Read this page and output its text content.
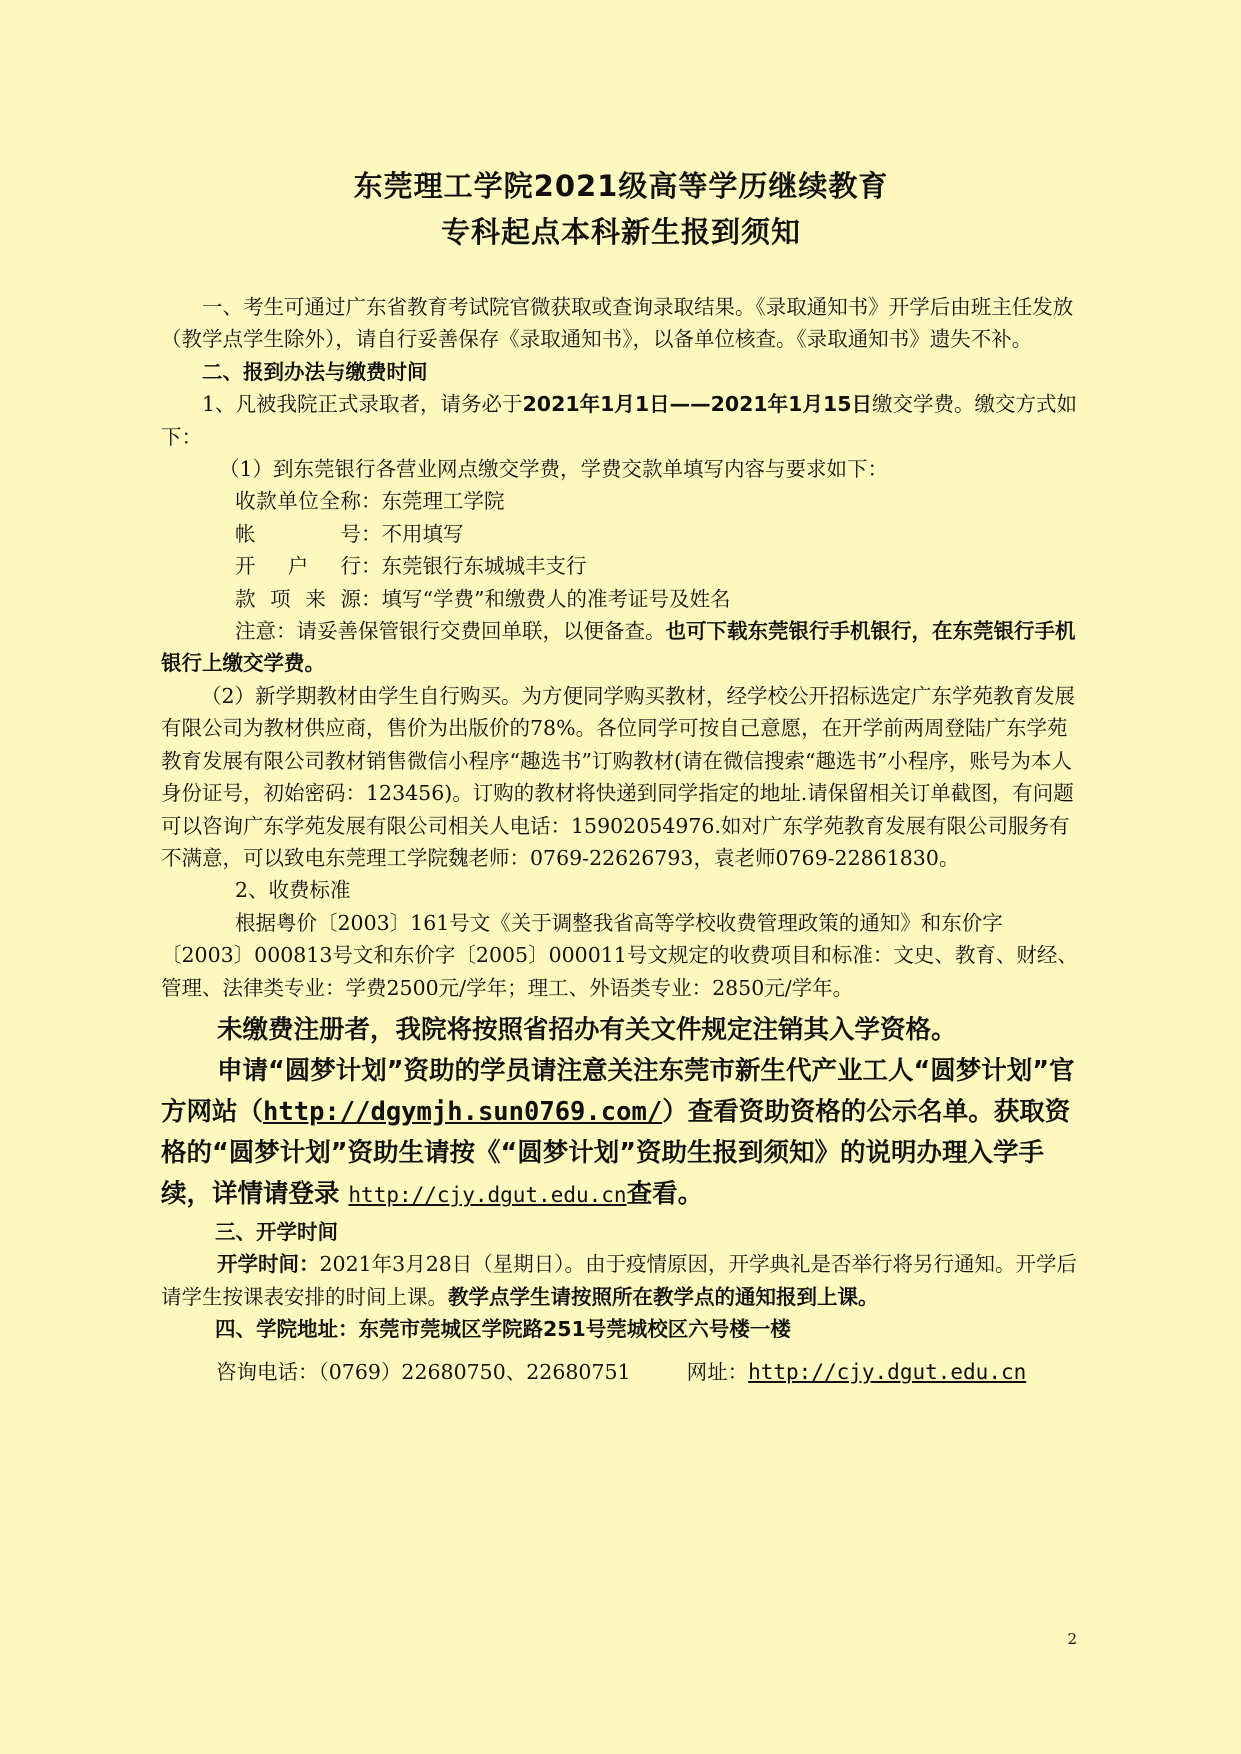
东莞理工学院2021级高等学历继续教育
专科起点本科新生报到须知

一、考生可通过广东省教育考试院官微获取或查询录取结果。《录取通知书》开学后由班主任发放（教学点学生除外），请自行妥善保存《录取通知书》，以备单位核查。《录取通知书》遗失不补。

二、报到办法与缴费时间

1、凡被我院正式录取者，请务必于2021年1月1日——2021年1月15日缴交学费。缴交方式如下：

（1）到东莞银行各营业网点缴交学费，学费交款单填写内容与要求如下：

收 款 单 位 全 称 ： 东莞理工学院
帐	号 ： 不用填写
开 户 行 ： 东莞银行东城城丰支行
款 项 来 源 ： 填写“学费”和缴费人的准考证号及姓名

注意：请妥善保管银行交费回单联，以便备查。也可下载东莞银行手机银行，在东莞银行手机银行上缴交学费。

（2）新学期教材由学生自行购买。为方便同学购买教材，经学校公开招标选定广东学苑教育发展有限公司为教材供应商，售价为出版价的78%。各位同学可按自己意愿，在开学前两周登陆广东学苑教育发展有限公司教材销售微信小程序“趣选书”订购教材(请在微信搜索“趣选书”小程序，账号为本人身份证号，初始密码：123456)。订购的教材将快递到同学指定的地址.请保留相关订单截图，有问题可以咨询广东学苑发展有限公司相关人电话：15902054976.如对广东学苑教育发展有限公司服务有不满意，可以致电东莞理工学院魏老师：0769-22626793，袁老师0769-22861830。

2、收费标准

根据粤价〔2003〕161号文《关于调整我省高等学校收费管理政策的通知》和东价字〔2003〕000813号文和东价字〔2005〕000011号文规定的收费项目和标准：文史、教育、财经、管理、法律类专业：学费2500元/学年；理工、外语类专业：2850元/学年。

未缴费注册者，我院将按照省招办有关文件规定注销其入学资格。

申请“圆梦计划”资助的学员请注意关注东莞市新生代产业工人“圆梦计划”官方网站（http://dgymjh.sun0769.com/）查看资助资格的公示名单。获取资格的“圆梦计划”资助生请按《“圆梦计划”资助生报到须知》的说明办理入学手续，详情请登录 http://cjy.dgut.edu.cn查看。

三、开学时间

开学时间：2021年3月28日（星期日）。由于疫情原因，开学典礼是否举行将另行通知。开学后请学生按课表安排的时间上课。教学点学生请按照所在教学点的通知报到上课。

四、学院地址：东莞市莞城区学院路251号莞城校区六号楼一楼

咨询电话：（0769）22680750、22680751	网址： http://cjy.dgut.edu.cn
2
